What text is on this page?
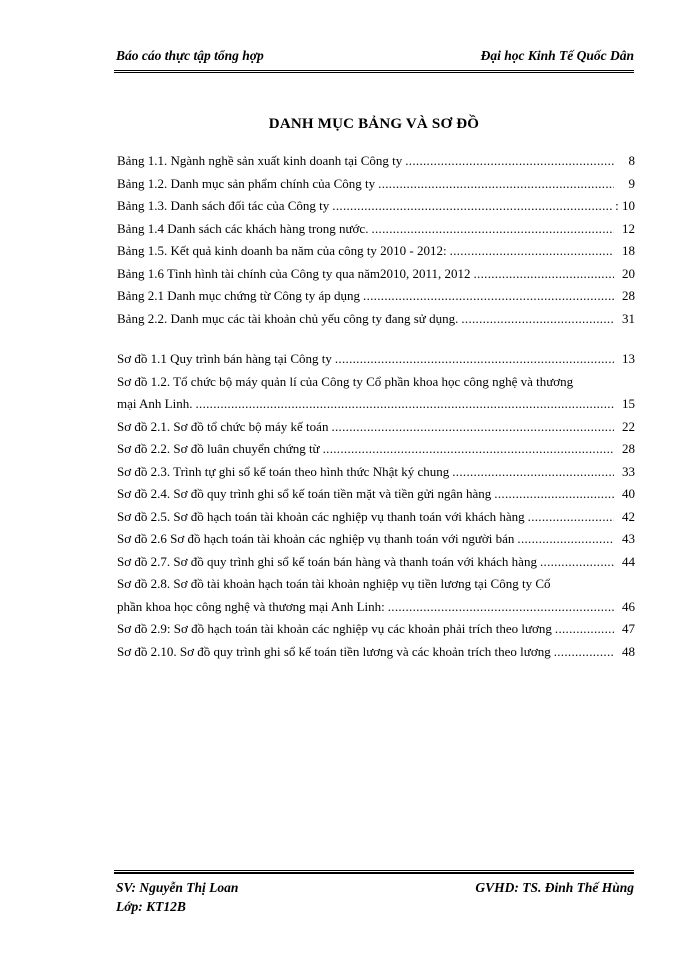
Báo cáo thực tập tổng hợp	Đại học Kinh Tế Quốc Dân
DANH MỤC BẢNG VÀ SƠ ĐỒ
Bảng 1.1. Ngành nghề sản xuất kinh doanh tại Công ty .....	8
Bảng 1.2. Danh mục sản phẩm chính của Công ty .....	9
Bảng 1.3. Danh sách đối tác của Công ty .....	: 10
Bảng 1.4 Danh sách các khách hàng trong nước. .....	12
Bảng 1.5. Kết quả kinh doanh ba năm của công ty 2010 - 2012: .....	18
Bảng 1.6 Tình hình tài chính của Công ty qua năm2010, 2011, 2012 .....	20
Bảng 2.1 Danh mục chứng từ Công ty áp dụng .....	28
Bảng 2.2. Danh mục các tài khoản chủ yếu công ty đang sử dụng. .....	31
Sơ đồ 1.1 Quy trình bán hàng tại Công ty .....	13
Sơ đồ 1.2. Tổ chức bộ máy quản lí của Công ty Cổ phần khoa học công nghệ và thương
mại Anh Linh. .....	15
Sơ đồ 2.1. Sơ đồ tổ chức bộ máy kế toán .....	22
Sơ đồ 2.2. Sơ đồ luân chuyển chứng từ .....	28
Sơ đồ 2.3. Trình tự ghi sổ kế toán theo hình thức Nhật ký chung .....	33
Sơ đồ 2.4. Sơ đồ quy trình ghi sổ kế toán tiền mặt và tiền gửi ngân hàng .....	40
Sơ đồ 2.5. Sơ đồ hạch toán tài khoản các nghiệp vụ thanh toán với khách hàng .....	42
Sơ đồ 2.6 Sơ đồ hạch toán tài khoản các nghiệp vụ thanh toán với người bán .....	43
Sơ đồ 2.7. Sơ đồ quy trình ghi sổ kế toán bán hàng và thanh toán với khách hàng .....	44
Sơ đồ 2.8. Sơ đồ tài khoản hạch toán tài khoản nghiệp vụ tiền lương tại Công ty Cổ
phần khoa học công nghệ và thương mại Anh Linh: .....	46
Sơ đồ 2.9: Sơ đồ hạch toán tài khoản các nghiệp vụ các khoản phải trích theo lương .....	47
Sơ đồ 2.10. Sơ đồ quy trình ghi sổ kế toán tiền lương và các khoản trích theo lương .....	48
SV: Nguyễn Thị Loan
Lớp: KT12B
GVHD: TS. Đinh Thế Hùng
